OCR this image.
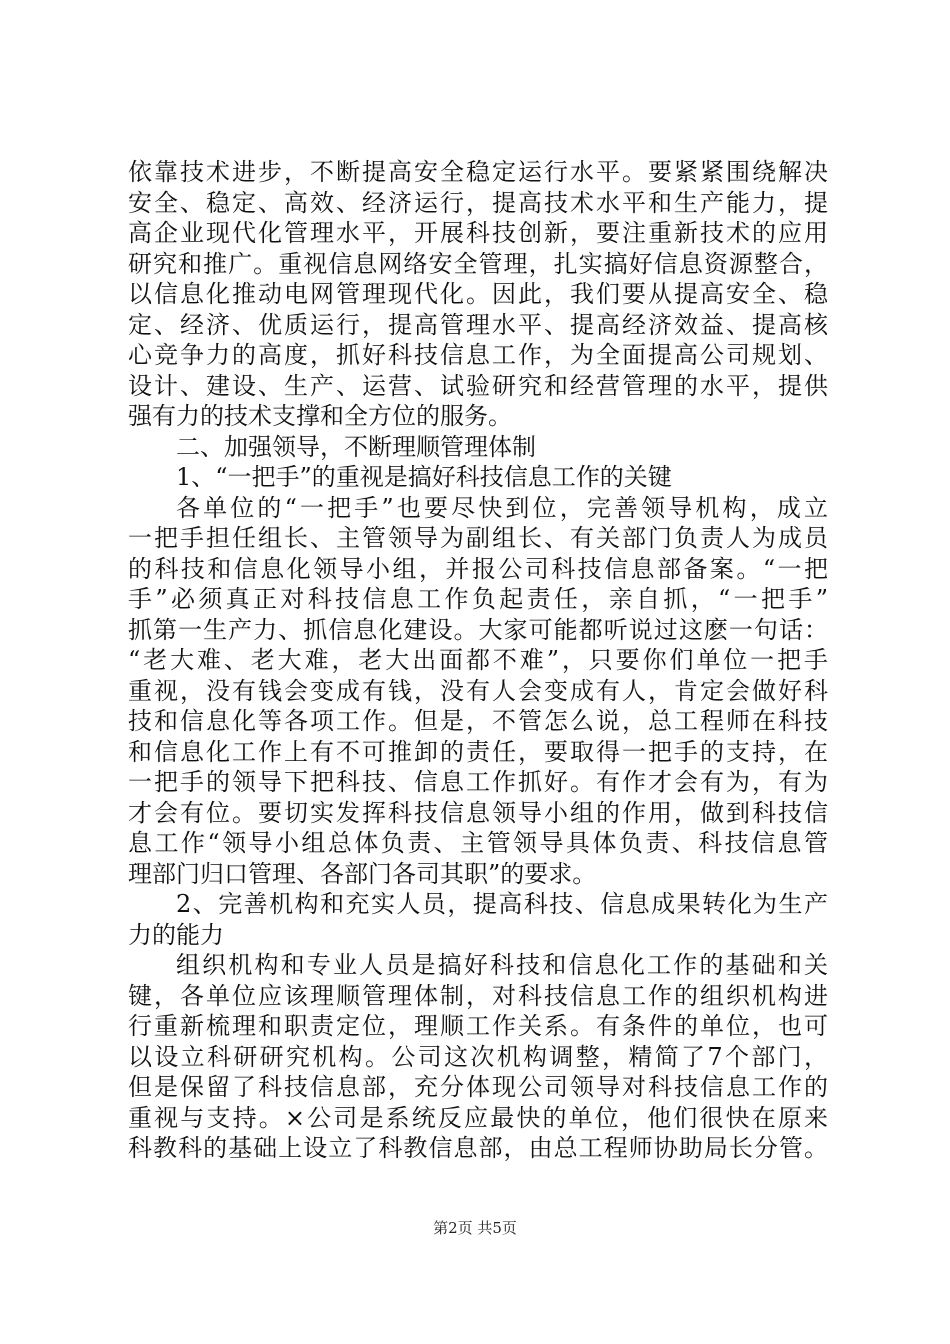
依靠技术进步，不断提高安全稳定运行水平。要紧紧围绕解决
安全、稳定、高效、经济运行，提高技术水平和生产能力，提
高企业现代化管理水平，开展科技创新，要注重新技术的应用
研究和推广。重视信息网络安全管理，扎实搞好信息资源整合，
以信息化推动电网管理现代化。因此，我们要从提高安全、稳
定、经济、优质运行，提高管理水平、提高经济效益、提高核
心竞争力的高度，抓好科技信息工作，为全面提高公司规划、
设计、建设、生产、运营、试验研究和经营管理的水平，提供
强有力的技术支撑和全方位的服务。
二、加强领导，不断理顺管理体制
1、“一把手”的重视是搞好科技信息工作的关键
各单位的“一把手”也要尽快到位，完善领导机构，成立
一把手担任组长、主管领导为副组长、有关部门负责人为成员
的科技和信息化领导小组，并报公司科技信息部备案。“一把
手”必须真正对科技信息工作负起责任，亲自抓，“一把手”
抓第一生产力、抓信息化建设。大家可能都听说过这麽一句话：
“老大难、老大难，老大出面都不难”，只要你们单位一把手
重视，没有钱会变成有钱，没有人会变成有人，肯定会做好科
技和信息化等各项工作。但是，不管怎么说，总工程师在科技
和信息化工作上有不可推卸的责任，要取得一把手的支持，在
一把手的领导下把科技、信息工作抓好。有作才会有为，有为
才会有位。要切实发挥科技信息领导小组的作用，做到科技信
息工作“领导小组总体负责、主管领导具体负责、科技信息管
理部门归口管理、各部门各司其职”的要求。
2、完善机构和充实人员，提高科技、信息成果转化为生产
力的能力
组织机构和专业人员是搞好科技和信息化工作的基础和关
键，各单位应该理顺管理体制，对科技信息工作的组织机构进
行重新梳理和职责定位，理顺工作关系。有条件的单位，也可
以设立科研研究机构。公司这次机构调整，精简了7个部门，
但是保留了科技信息部，充分体现公司领导对科技信息工作的
重视与支持。×公司是系统反应最快的单位，他们很快在原来
科教科的基础上设立了科教信息部，由总工程师协助局长分管。
第2页 共5页
